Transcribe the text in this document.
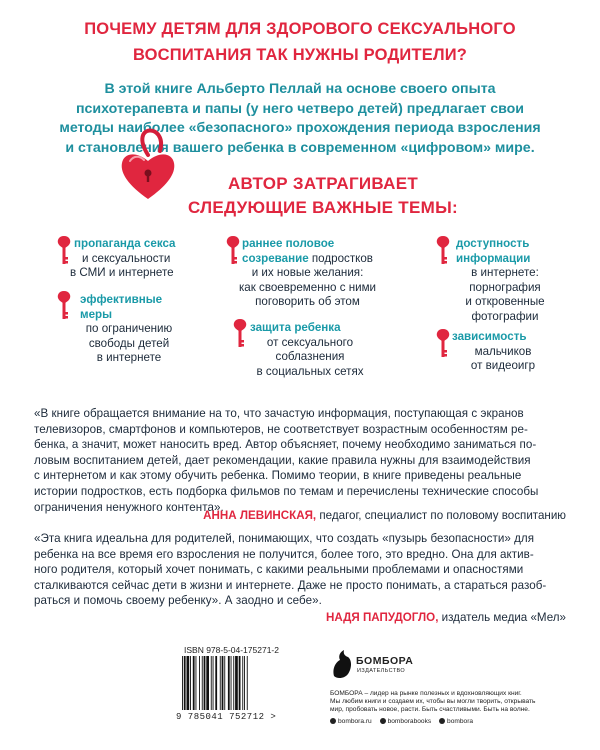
ПОЧЕМУ ДЕТЯМ ДЛЯ ЗДОРОВОГО СЕКСУАЛЬНОГО
ВОСПИТАНИЯ ТАК НУЖНЫ РОДИТЕЛИ?
В этой книге Альберто Пеллай на основе своего опыта
психотерапевта и папы (у него четверо детей) предлагает свои
методы наиболее «безопасного» прохождения периода взросления
и становления вашего ребенка в современном «цифровом» мире.
АВТОР ЗАТРАГИВАЕТ
СЛЕДУЮЩИЕ ВАЖНЫЕ ТЕМЫ:
пропаганда секса
и сексуальности
в СМИ и интернете
эффективные
меры
по ограничению
свободы детей
в интернете
раннее половое
созревание подростков
и их новые желания:
как своевременно с ними
поговорить об этом
защита ребенка
от сексуального
соблазнения
в социальных сетях
доступность
информации
в интернете:
порнография
и откровенные
фотографии
зависимость
мальчиков
от видеоигр
«В книге обращается внимание на то, что зачастую информация, поступающая с экранов
телевизоров, смартфонов и компьютеров, не соответствует возрастным особенностям ре-
бенка, а значит, может наносить вред. Автор объясняет, почему необходимо заниматься по-
ловым воспитанием детей, дает рекомендации, какие правила нужны для взаимодействия
с интернетом и как этому обучить ребенка. Помимо теории, в книге приведены реальные
истории подростков, есть подборка фильмов по темам и перечислены технические способы
ограничения ненужного контента».
АННА ЛЕВИНСКАЯ, педагог, специалист по половому воспитанию
«Эта книга идеальна для родителей, понимающих, что создать «пузырь безопасности» для
ребенка на все время его взросления не получится, более того, это вредно. Она для актив-
ного родителя, который хочет понимать, с какими реальными проблемами и опасностями
сталкиваются сейчас дети в жизни и интернете. Даже не просто понимать, а стараться разоб-
раться и помочь своему ребенку». А заодно и себе».
НАДЯ ПАПУДОГЛО, издатель медиа «Мел»
ISBN 978-5-04-175271-2
9 785041 752712 >
БОМБОРА
ИЗДАТЕЛЬСТВО
БОМБОРА – лидер на рынке полезных и вдохновляющих книг.
Мы любим книги и создаем их, чтобы вы могли творить, открывать
мир, пробовать новое, расти. Быть счастливыми. Быть на волне.
bombora.ru bomborabooks bombora
